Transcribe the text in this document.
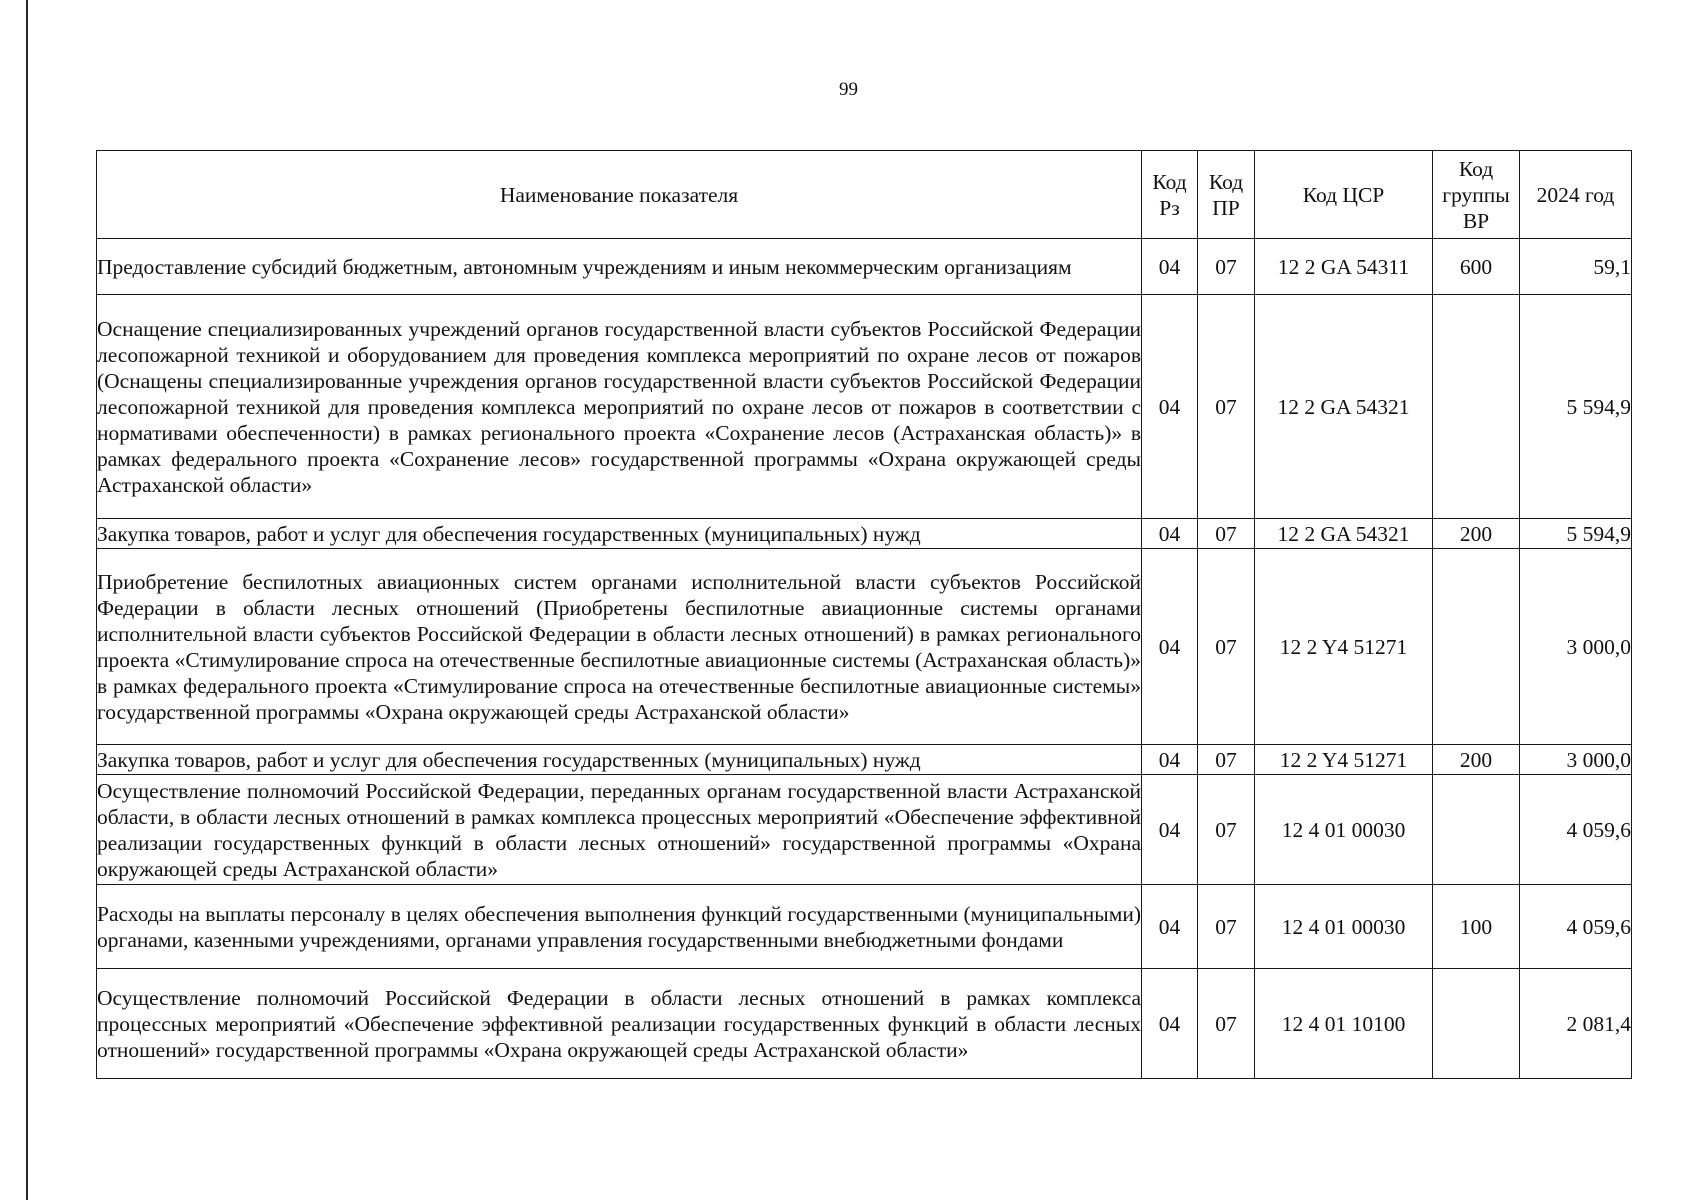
99
Наименование показателя	Код Рз	Код ПР	Код ЦСР	Код группы ВР	2024 год
Предоставление субсидий бюджетным, автономным учреждениям и иным некоммерческим организациям	04	07	12 2 GA 54311	600	59,1
Оснащение специализированных учреждений органов государственной власти субъектов Российской Федерации лесопожарной техникой и оборудованием для проведения комплекса мероприятий по охране лесов от пожаров (Оснащены специализированные учреждения органов государственной власти субъектов Российской Федерации лесопожарной техникой для проведения комплекса мероприятий по охране лесов от пожаров в соответствии с нормативами обеспеченности) в рамках регионального проекта «Сохранение лесов (Астраханская область)» в рамках федерального проекта «Сохранение лесов» государственной программы «Охрана окружающей среды Астраханской области»	04	07	12 2 GA 54321		5 594,9
Закупка товаров, работ и услуг для обеспечения государственных (муниципальных) нужд	04	07	12 2 GA 54321	200	5 594,9
Приобретение беспилотных авиационных систем органами исполнительной власти субъектов Российской Федерации в области лесных отношений (Приобретены беспилотные авиационные системы органами исполнительной власти субъектов Российской Федерации в области лесных отношений) в рамках регионального проекта «Стимулирование спроса на отечественные беспилотные авиационные системы (Астраханская область)» в рамках федерального проекта «Стимулирование спроса на отечественные беспилотные авиационные системы» государственной программы «Охрана окружающей среды Астраханской области»	04	07	12 2 Y4 51271		3 000,0
Закупка товаров, работ и услуг для обеспечения государственных (муниципальных) нужд	04	07	12 2 Y4 51271	200	3 000,0
Осуществление полномочий Российской Федерации, переданных органам государственной власти Астраханской области, в области лесных отношений в рамках комплекса процессных мероприятий «Обеспечение эффективной реализации государственных функций в области лесных отношений» государственной программы «Охрана окружающей среды Астраханской области»	04	07	12 4 01 00030		4 059,6
Расходы на выплаты персоналу в целях обеспечения выполнения функций государственными (муниципальными) органами, казенными учреждениями, органами управления государственными внебюджетными фондами	04	07	12 4 01 00030	100	4 059,6
Осуществление полномочий Российской Федерации в области лесных отношений в рамках комплекса процессных мероприятий «Обеспечение эффективной реализации государственных функций в области лесных отношений» государственной программы «Охрана окружающей среды Астраханской области»	04	07	12 4 01 10100		2 081,4
